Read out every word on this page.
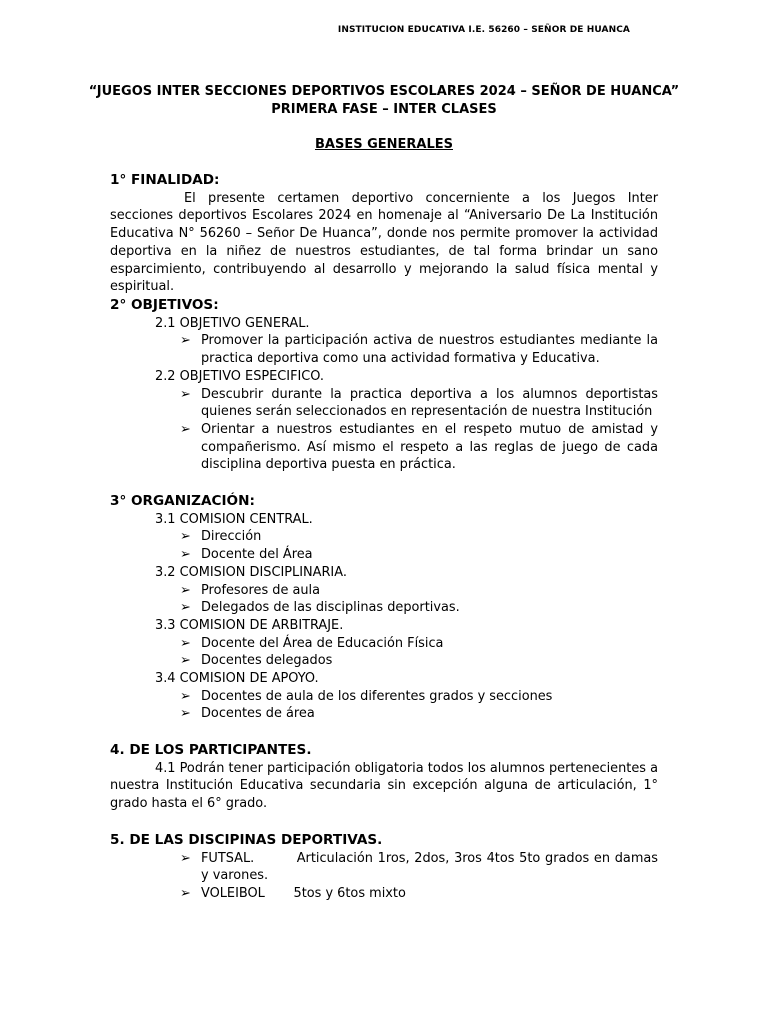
INSTITUCION EDUCATIVA I.E. 56260 – SEÑOR DE HUANCA
“JUEGOS INTER SECCIONES DEPORTIVOS ESCOLARES 2024 – SEÑOR DE HUANCA”
PRIMERA FASE – INTER CLASES
BASES GENERALES
1° FINALIDAD:

El presente certamen deportivo concerniente a los Juegos Inter secciones deportivos Escolares 2024 en homenaje al “Aniversario De La Institución Educativa N° 56260 – Señor De Huanca”, donde nos permite promover la actividad deportiva en la niñez de nuestros estudiantes, de tal forma brindar un sano esparcimiento, contribuyendo al desarrollo y mejorando la salud física mental y espiritual.

2° OBJETIVOS:
2.1 OBJETIVO GENERAL.
➢ Promover la participación activa de nuestros estudiantes mediante la practica deportiva como una actividad formativa y Educativa.
2.2 OBJETIVO ESPECIFICO.
➢ Descubrir durante la practica deportiva a los alumnos deportistas quienes serán seleccionados en representación de nuestra Institución
➢ Orientar a nuestros estudiantes en el respeto mutuo de amistad y compañerismo. Así mismo el respeto a las reglas de juego de cada disciplina deportiva puesta en práctica.
3° ORGANIZACIÓN:
3.1 COMISION CENTRAL.
➢ Dirección
➢ Docente del Área
3.2 COMISION DISCIPLINARIA.
➢ Profesores de aula
➢ Delegados de las disciplinas deportivas.
3.3 COMISION DE ARBITRAJE.
➢ Docente del Área de Educación Física
➢ Docentes delegados
3.4 COMISION DE APOYO.
➢ Docentes de aula de los diferentes grados y secciones
➢ Docentes de área
4. DE LOS PARTICIPANTES.

4.1 Podrán tener participación obligatoria todos los alumnos pertenecientes a nuestra Institución Educativa secundaria sin excepción alguna de articulación, 1° grado hasta el 6° grado.

5. DE LAS DISCIPINAS DEPORTIVAS.
➢ FUTSAL.         Articulación 1ros, 2dos, 3ros 4tos 5to grados en damas y varones.
➢ VOLEIBOL       5tos y 6tos mixto
